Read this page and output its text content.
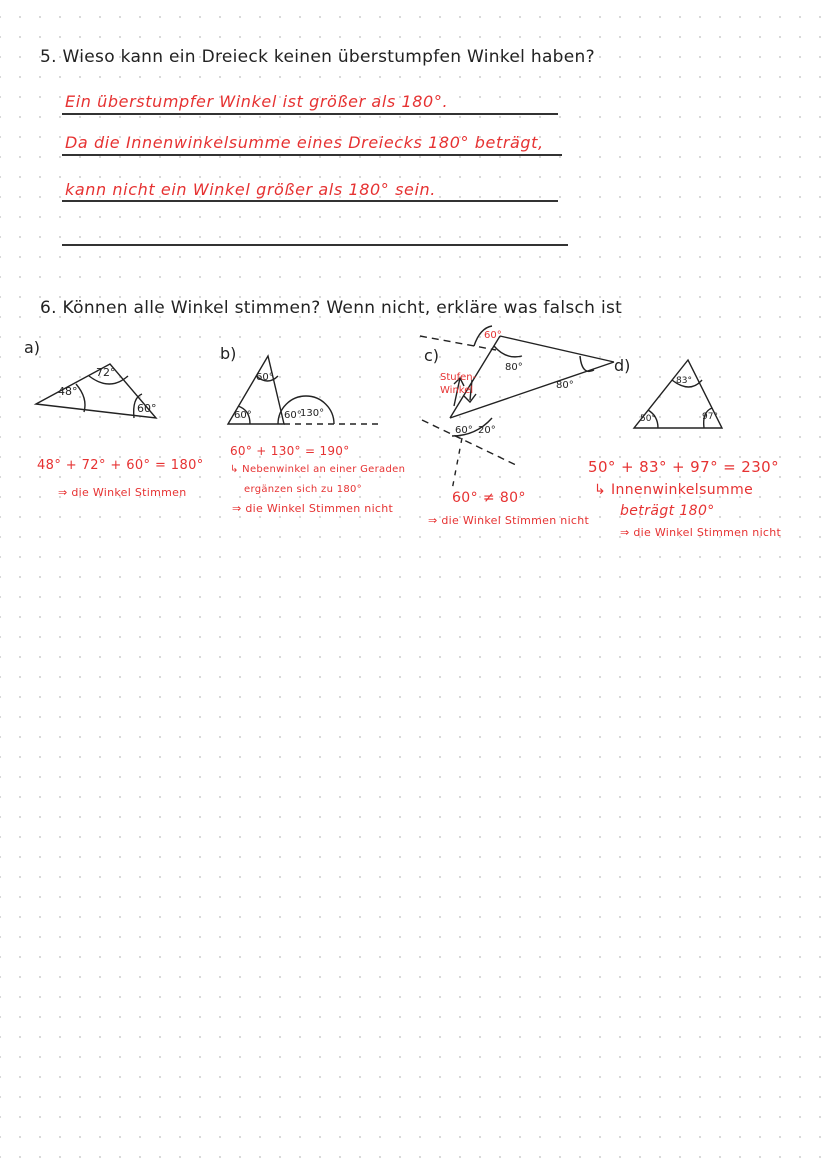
5. Wieso kann ein Dreieck keinen überstumpfen Winkel haben?
Ein überstumpfer Winkel ist größer als 180°.
Da die Innenwinkelsumme eines Dreiecks 180° beträgt,
kann nicht ein Winkel größer als 180° sein.
6. Können alle Winkel stimmen? Wenn nicht, erkläre was falsch ist
a)	b)	c)
d)
48°
72°
60°
60°
60°	60°
130°
60°
80°
80°
60° 20°
Stufen-
Winkel
83°
50°	97°
48° + 72° + 60° = 180°
⇒ die Winkel Stimmen
60° + 130° = 190°
↳ Nebenwinkel an einer Geraden
ergänzen sich zu 180°
⇒ die Winkel Stimmen nicht
60° ≠ 80°
⇒ die Winkel Stimmen nicht
50° + 83° + 97° = 230°
↳ Innenwinkelsumme
beträgt 180°
⇒ die Winkel Stimmen nicht
